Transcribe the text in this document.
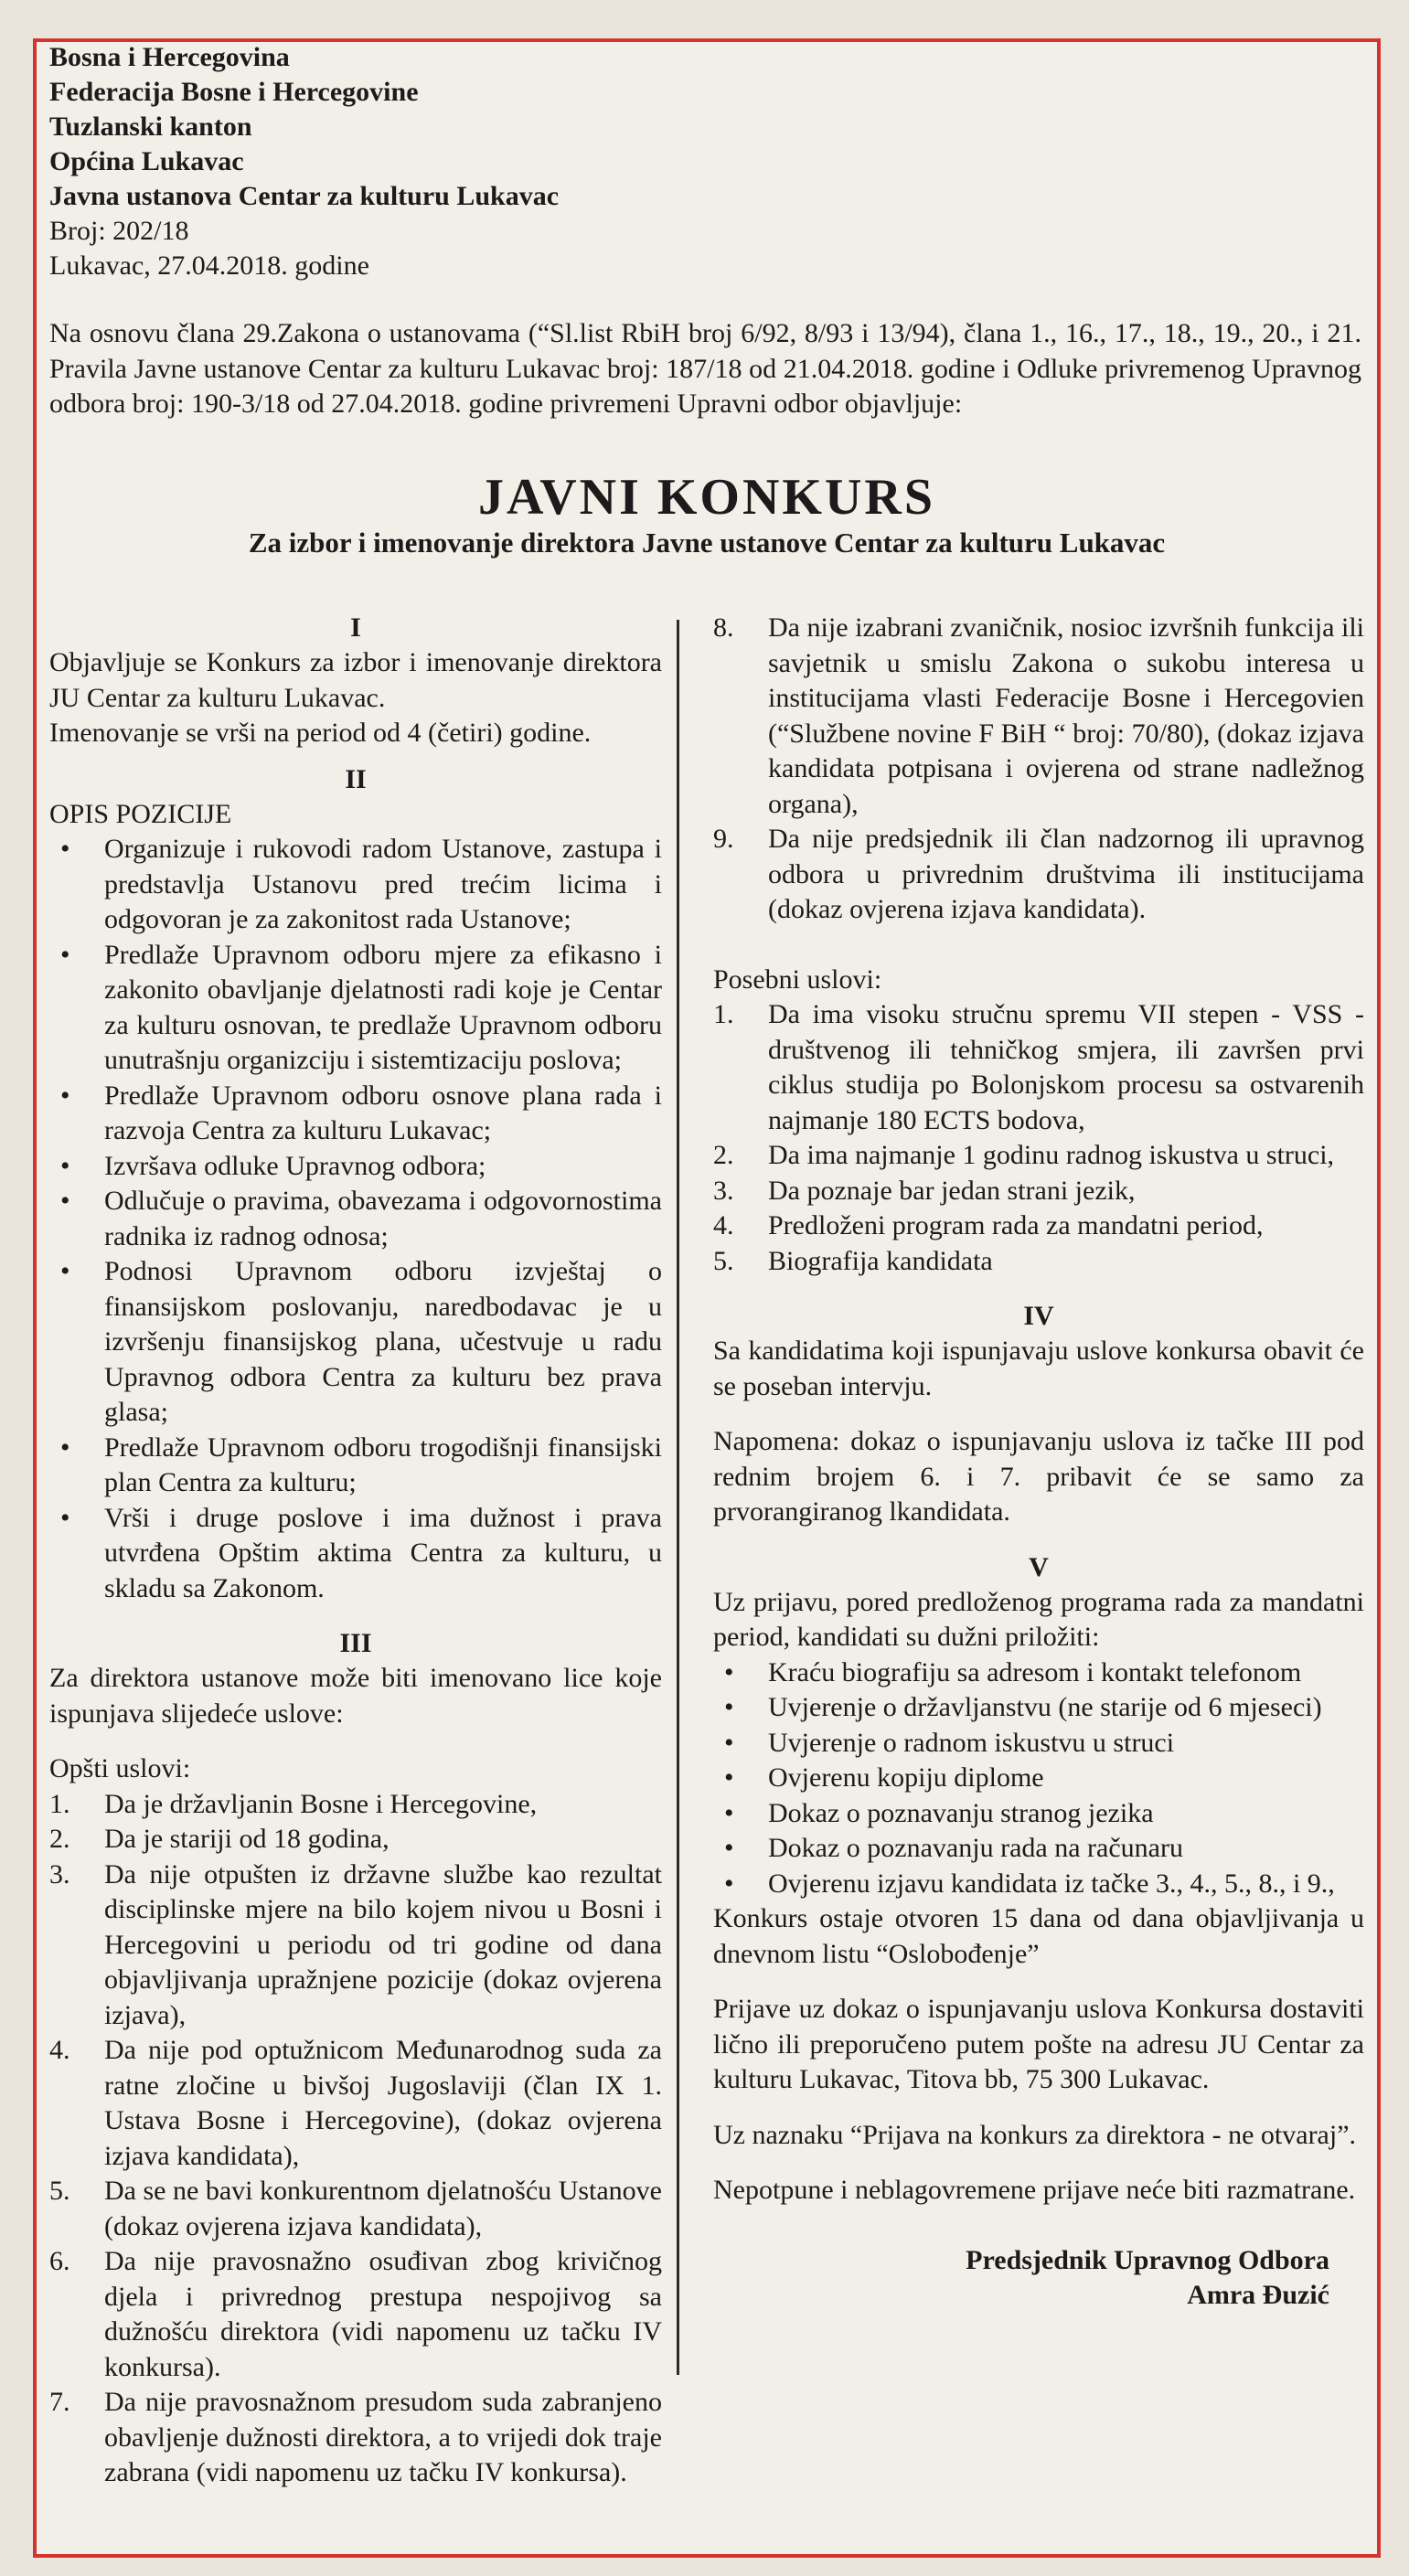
Bosna i Hercegovina
Federacija Bosne i Hercegovine
Tuzlanski kanton
Općina Lukavac
Javna ustanova Centar za kulturu Lukavac
Broj: 202/18
Lukavac, 27.04.2018. godine
Na osnovu člana 29.Zakona o ustanovama (“Sl.list RbiH broj 6/92, 8/93 i 13/94), člana 1., 16., 17., 18., 19., 20., i 21. Pravila Javne ustanove Centar za kulturu Lukavac broj: 187/18 od 21.04.2018. godine i Odluke privremenog Upravnog odbora broj: 190-3/18 od 27.04.2018. godine privremeni Upravni odbor objavljuje:
JAVNI KONKURS
Za izbor i imenovanje direktora Javne ustanove Centar za kulturu Lukavac
I
Objavljuje se Konkurs za izbor i imenovanje direktora JU Centar za kulturu Lukavac.
Imenovanje se vrši na period od 4 (četiri) godine.
II
OPIS POZICIJE
• Organizuje i rukovodi radom Ustanove, zastupa i predstavlja Ustanovu pred trećim licima i odgovoran je za zakonitost rada Ustanove;
• Predlaže Upravnom odboru mjere za efikasno i zakonito obavljanje djelatnosti radi koje je Centar za kulturu osnovan, te predlaže Upravnom odboru unutrašnju organizciju i sistemtizaciju poslova;
• Predlaže Upravnom odboru osnove plana rada i razvoja Centra za kulturu Lukavac;
• Izvršava odluke Upravnog odbora;
• Odlučuje o pravima, obavezama i odgovornostima radnika iz radnog odnosa;
• Podnosi Upravnom odboru izvještaj o finansijskom poslovanju, naredbodavac je u izvršenju finansijskog plana, učestvuje u radu Upravnog odbora Centra za kulturu bez prava glasa;
• Predlaže Upravnom odboru trogodišnji finansijski plan Centra za kulturu;
• Vrši i druge poslove i ima dužnost i prava utvrđena Opštim aktima Centra za kulturu, u skladu sa Zakonom.
III
Za direktora ustanove može biti imenovano lice koje ispunjava slijedeće uslove:
Opšti uslovi:
1. Da je državljanin Bosne i Hercegovine,
2. Da je stariji od 18 godina,
3. Da nije otpušten iz državne službe kao rezultat disciplinske mjere na bilo kojem nivou u Bosni i Hercegovini u periodu od tri godine od dana objavljivanja upražnjene pozicije (dokaz ovjerena izjava),
4. Da nije pod optužnicom Međunarodnog suda za ratne zločine u bivšoj Jugoslaviji (član IX 1. Ustava Bosne i Hercegovine), (dokaz ovjerena izjava kandidata),
5. Da se ne bavi konkurentnom djelatnošću Ustanove (dokaz ovjerena izjava kandidata),
6. Da nije pravosnažno osuđivan zbog krivičnog djela i privrednog prestupa nespojivog sa dužnošću direktora (vidi napomenu uz tačku IV konkursa).
7. Da nije pravosnažnom presudom suda zabranjeno obavljenje dužnosti direktora, a to vrijedi dok traje zabrana (vidi napomenu uz tačku IV konkursa).
8. Da nije izabrani zvaničnik, nosioc izvršnih funkcija ili savjetnik u smislu Zakona o sukobu interesa u institucijama vlasti Federacije Bosne i Hercegovien (“Službene novine F BiH “ broj: 70/80), (dokaz izjava kandidata potpisana i ovjerena od strane nadležnog organa),
9. Da nije predsjednik ili član nadzornog ili upravnog odbora u privrednim društvima ili institucijama (dokaz ovjerena izjava kandidata).
Posebni uslovi:
1. Da ima visoku stručnu spremu VII stepen - VSS -društvenog ili tehničkog smjera, ili završen prvi ciklus studija po Bolonjskom procesu sa ostvarenih najmanje 180 ECTS bodova,
2. Da ima najmanje 1 godinu radnog iskustva u struci,
3. Da poznaje bar jedan strani jezik,
4. Predloženi program rada za mandatni period,
5. Biografija kandidata
IV
Sa kandidatima koji ispunjavaju uslove konkursa obavit će se poseban intervju.
Napomena: dokaz o ispunjavanju uslova iz tačke III pod rednim brojem 6. i 7. pribavit će se samo za prvorangiranog lkandidata.
V
Uz prijavu, pored predloženog programa rada za mandatni period, kandidati su dužni priložiti:
• Kraću biografiju sa adresom i kontakt telefonom
• Uvjerenje o državljanstvu (ne starije od 6 mjeseci)
• Uvjerenje o radnom iskustvu u struci
• Ovjerenu kopiju diplome
• Dokaz o poznavanju stranog jezika
• Dokaz o poznavanju rada na računaru
• Ovjerenu izjavu kandidata iz tačke 3., 4., 5., 8., i 9.,
Konkurs ostaje otvoren 15 dana od dana objavljivanja u dnevnom listu “Oslobođenje”
Prijave uz dokaz o ispunjavanju uslova Konkursa dostaviti lično ili preporučeno putem pošte na adresu JU Centar za kulturu Lukavac, Titova bb, 75 300 Lukavac.
Uz naznaku “Prijava na konkurs za direktora - ne otvaraj”.
Nepotpune i neblagovremene prijave neće biti razmatrane.
Predsjednik Upravnog Odbora
Amra Đuzić
